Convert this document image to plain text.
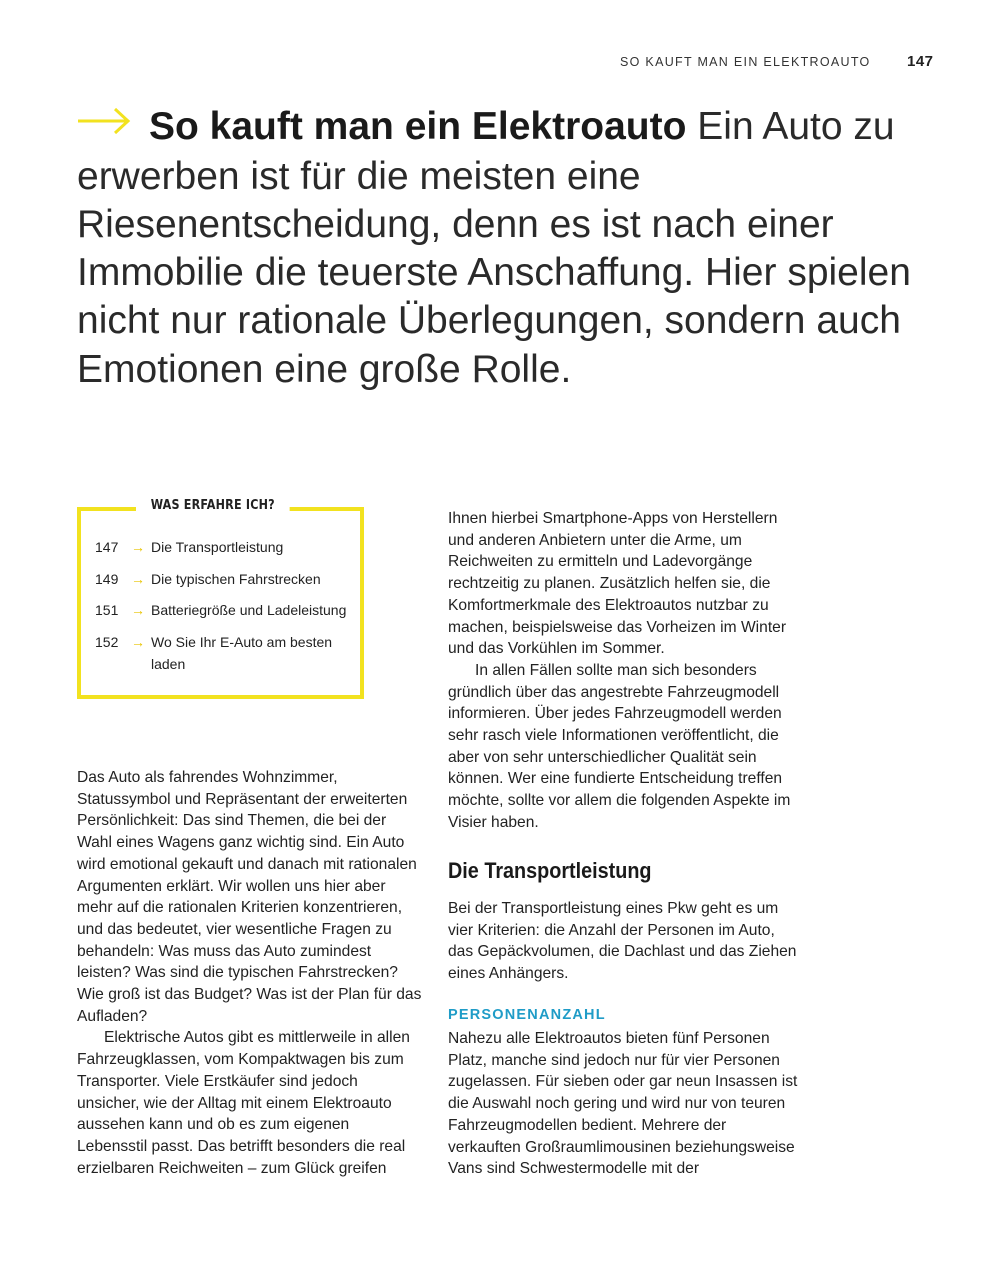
SO KAUFT MAN EIN ELEKTROAUTO 147
So kauft man ein Elektroauto Ein Auto zu erwerben ist für die meisten eine Riesenentscheidung, denn es ist nach einer Immobilie die teuerste Anschaffung. Hier spielen nicht nur rationale Überlegungen, sondern auch Emotionen eine große Rolle.
WAS ERFAHRE ICH?
147 → Die Transportleistung
149 → Die typischen Fahrstrecken
151 → Batteriegröße und Ladeleistung
152 → Wo Sie Ihr E-Auto am besten laden

Das Auto als fahrendes Wohnzimmer, Statussymbol und Repräsentant der erweiterten Persönlichkeit: Das sind Themen, die bei der Wahl eines Wagens ganz wichtig sind. Ein Auto wird emotional gekauft und danach mit rationalen Argumenten erklärt. Wir wollen uns hier aber mehr auf die rationalen Kriterien konzentrieren, und das bedeutet, vier wesentliche Fragen zu behandeln: Was muss das Auto zumindest leisten? Was sind die typischen Fahrstrecken? Wie groß ist das Budget? Was ist der Plan für das Aufladen?

Elektrische Autos gibt es mittlerweile in allen Fahrzeugklassen, vom Kompaktwagen bis zum Transporter. Viele Erstkäufer sind jedoch unsicher, wie der Alltag mit einem Elektroauto aussehen kann und ob es zum eigenen Lebensstil passt. Das betrifft besonders die real erzielbaren Reichweiten – zum Glück greifen

Ihnen hierbei Smartphone-Apps von Herstellern und anderen Anbietern unter die Arme, um Reichweiten zu ermitteln und Ladevorgänge rechtzeitig zu planen. Zusätzlich helfen sie, die Komfortmerkmale des Elektroautos nutzbar zu machen, beispielsweise das Vorheizen im Winter und das Vorkühlen im Sommer.

In allen Fällen sollte man sich besonders gründlich über das angestrebte Fahrzeugmodell informieren. Über jedes Fahrzeugmodell werden sehr rasch viele Informationen veröffentlicht, die aber von sehr unterschiedlicher Qualität sein können. Wer eine fundierte Entscheidung treffen möchte, sollte vor allem die folgenden Aspekte im Visier haben.

Die Transportleistung

Bei der Transportleistung eines Pkw geht es um vier Kriterien: die Anzahl der Personen im Auto, das Gepäckvolumen, die Dachlast und das Ziehen eines Anhängers.

PERSONENANZAHL

Nahezu alle Elektroautos bieten fünf Personen Platz, manche sind jedoch nur für vier Personen zugelassen. Für sieben oder gar neun Insassen ist die Auswahl noch gering und wird nur von teuren Fahrzeugmodellen bedient. Mehrere der verkauften Großraumlimousinen beziehungsweise Vans sind Schwestermodelle mit der
